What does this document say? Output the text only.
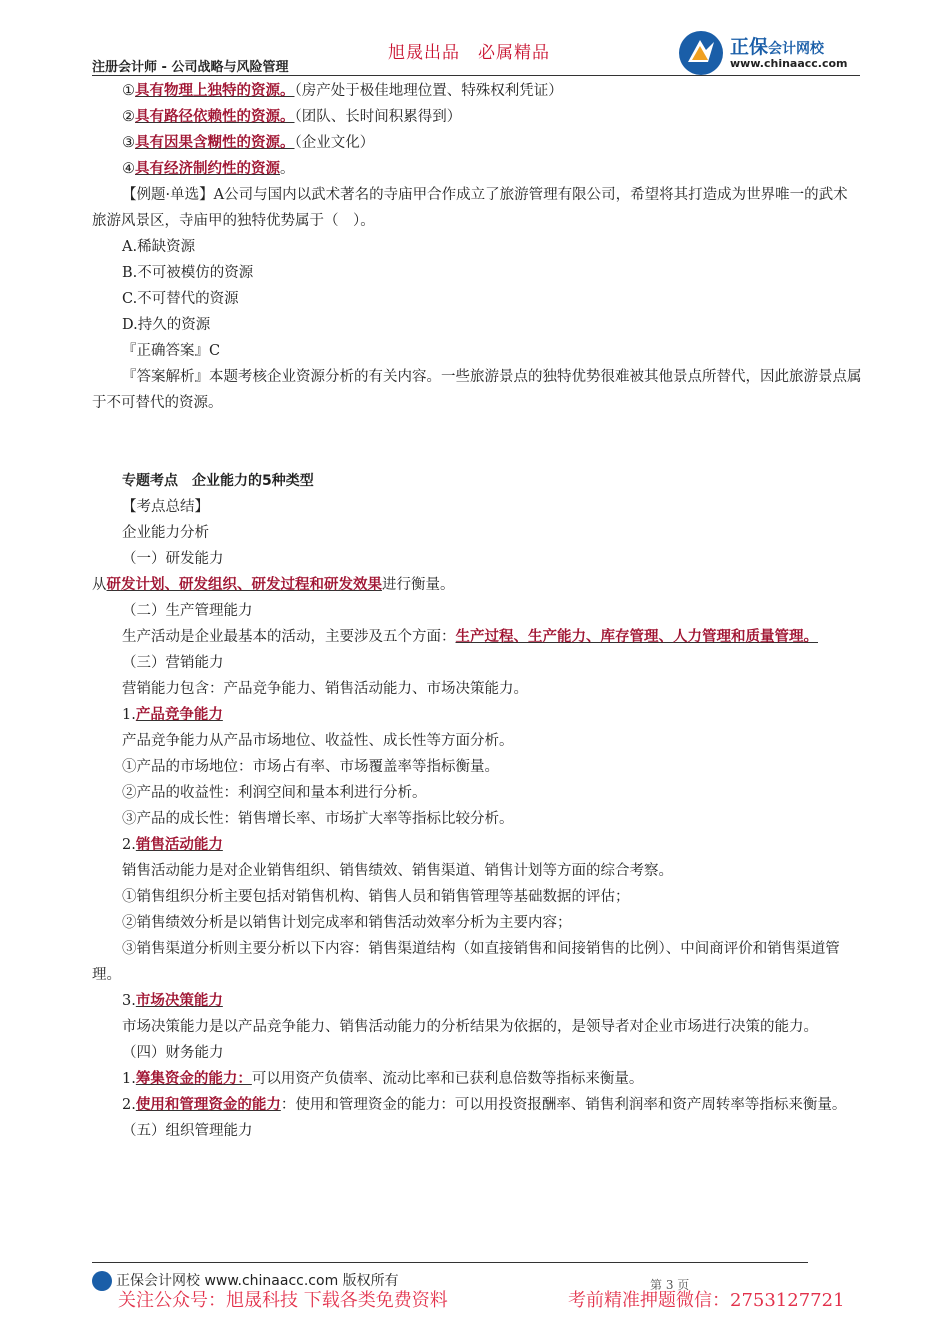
注册会计师 - 公司战略与风险管理
旭晟出品 必属精品	正保会计网校
www.chinaacc.com

①具有物理上独特的资源。（房产处于极佳地理位置、特殊权利凭证）

②具有路径依赖性的资源。（团队、长时间积累得到）

③具有因果含糊性的资源。（企业文化）

④具有经济制约性的资源。

【例题·单选】A公司与国内以武术著名的寺庙甲合作成立了旅游管理有限公司，希望将其打造成为世界唯一的武术旅游风景区，寺庙甲的独特优势属于（　）。

A.稀缺资源

B.不可被模仿的资源

C.不可替代的资源

D.持久的资源

『正确答案』C

『答案解析』本题考核企业资源分析的有关内容。一些旅游景点的独特优势很难被其他景点所替代，因此旅游景点属于不可替代的资源。

专题考点 企业能力的5种类型

【考点总结】

企业能力分析

（一）研发能力

从研发计划、研发组织、研发过程和研发效果进行衡量。

（二）生产管理能力

生产活动是企业最基本的活动，主要涉及五个方面：生产过程、生产能力、库存管理、人力管理和质量管理。

（三）营销能力

营销能力包含：产品竞争能力、销售活动能力、市场决策能力。

1.产品竞争能力

产品竞争能力从产品市场地位、收益性、成长性等方面分析。

①产品的市场地位：市场占有率、市场覆盖率等指标衡量。

②产品的收益性：利润空间和量本利进行分析。

③产品的成长性：销售增长率、市场扩大率等指标比较分析。

2.销售活动能力

销售活动能力是对企业销售组织、销售绩效、销售渠道、销售计划等方面的综合考察。

①销售组织分析主要包括对销售机构、销售人员和销售管理等基础数据的评估；

②销售绩效分析是以销售计划完成率和销售活动效率分析为主要内容；

③销售渠道分析则主要分析以下内容：销售渠道结构（如直接销售和间接销售的比例）、中间商评价和销售渠道管理。

3.市场决策能力

市场决策能力是以产品竞争能力、销售活动能力的分析结果为依据的，是领导者对企业市场进行决策的能力。

（四）财务能力

1.筹集资金的能力：可以用资产负债率、流动比率和已获利息倍数等指标来衡量。

2.使用和管理资金的能力：使用和管理资金的能力：可以用投资报酬率、销售利润率和资产周转率等指标来衡量。

（五）组织管理能力

正保会计网校 www.chinaacc.com 版权所有	第 3 页
关注公众号：旭晟科技 下载各类免费资料	考前精准押题微信：2753127721
